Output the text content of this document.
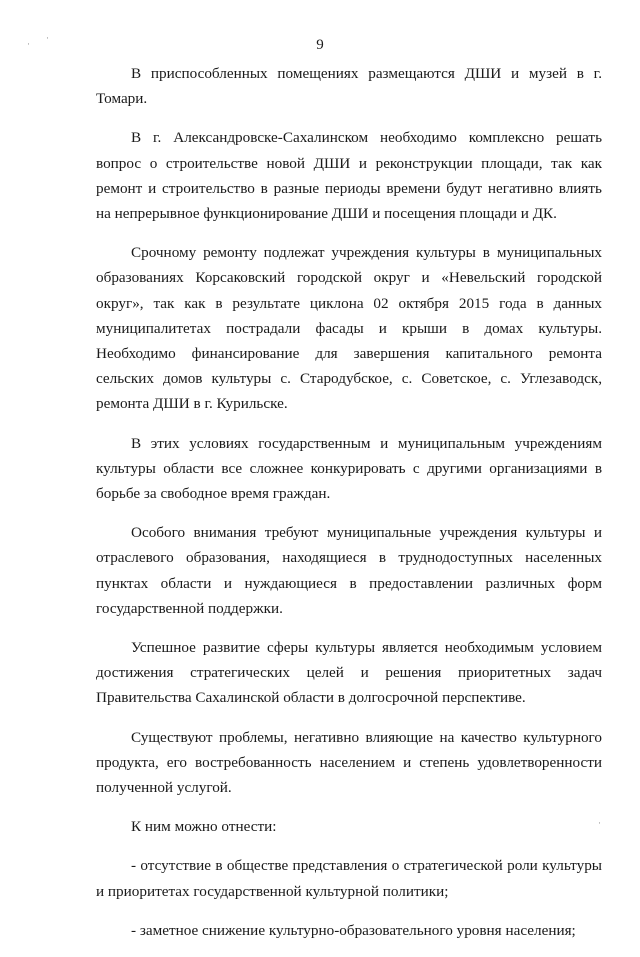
·
·
·
9

В приспособленных помещениях размещаются ДШИ и музей в г. Томари.

В г. Александровске-Сахалинском необходимо комплексно решать вопрос о строительстве новой ДШИ и реконструкции площади, так как ремонт и строительство в разные периоды времени будут негативно влиять на непрерывное функционирование ДШИ и посещения площади и ДК.

Срочному ремонту подлежат учреждения культуры в муниципальных образованиях Корсаковский городской округ и «Невельский городской округ», так как в результате циклона 02 октября 2015 года в данных муниципалитетах пострадали фасады и крыши в домах культуры. Необходимо финансирование для завершения капитального ремонта сельских домов культуры с. Стародубское, с. Советское, с. Углезаводск, ремонта ДШИ в г. Курильске.

В этих условиях государственным и муниципальным учреждениям культуры области все сложнее конкурировать с другими организациями в борьбе за свободное время граждан.

Особого внимания требуют муниципальные учреждения культуры и отраслевого образования, находящиеся в труднодоступных населенных пунктах области и нуждающиеся в предоставлении различных форм государственной поддержки.

Успешное развитие сферы культуры является необходимым условием достижения стратегических целей и решения приоритетных задач Правительства Сахалинской области в долгосрочной перспективе.

Существуют проблемы, негативно влияющие на качество культурного продукта, его востребованность населением и степень удовлетворенности полученной услугой.

К ним можно отнести:

- отсутствие в обществе представления о стратегической роли культуры и приоритетах государственной культурной политики;

- заметное снижение культурно-образовательного уровня населения;
